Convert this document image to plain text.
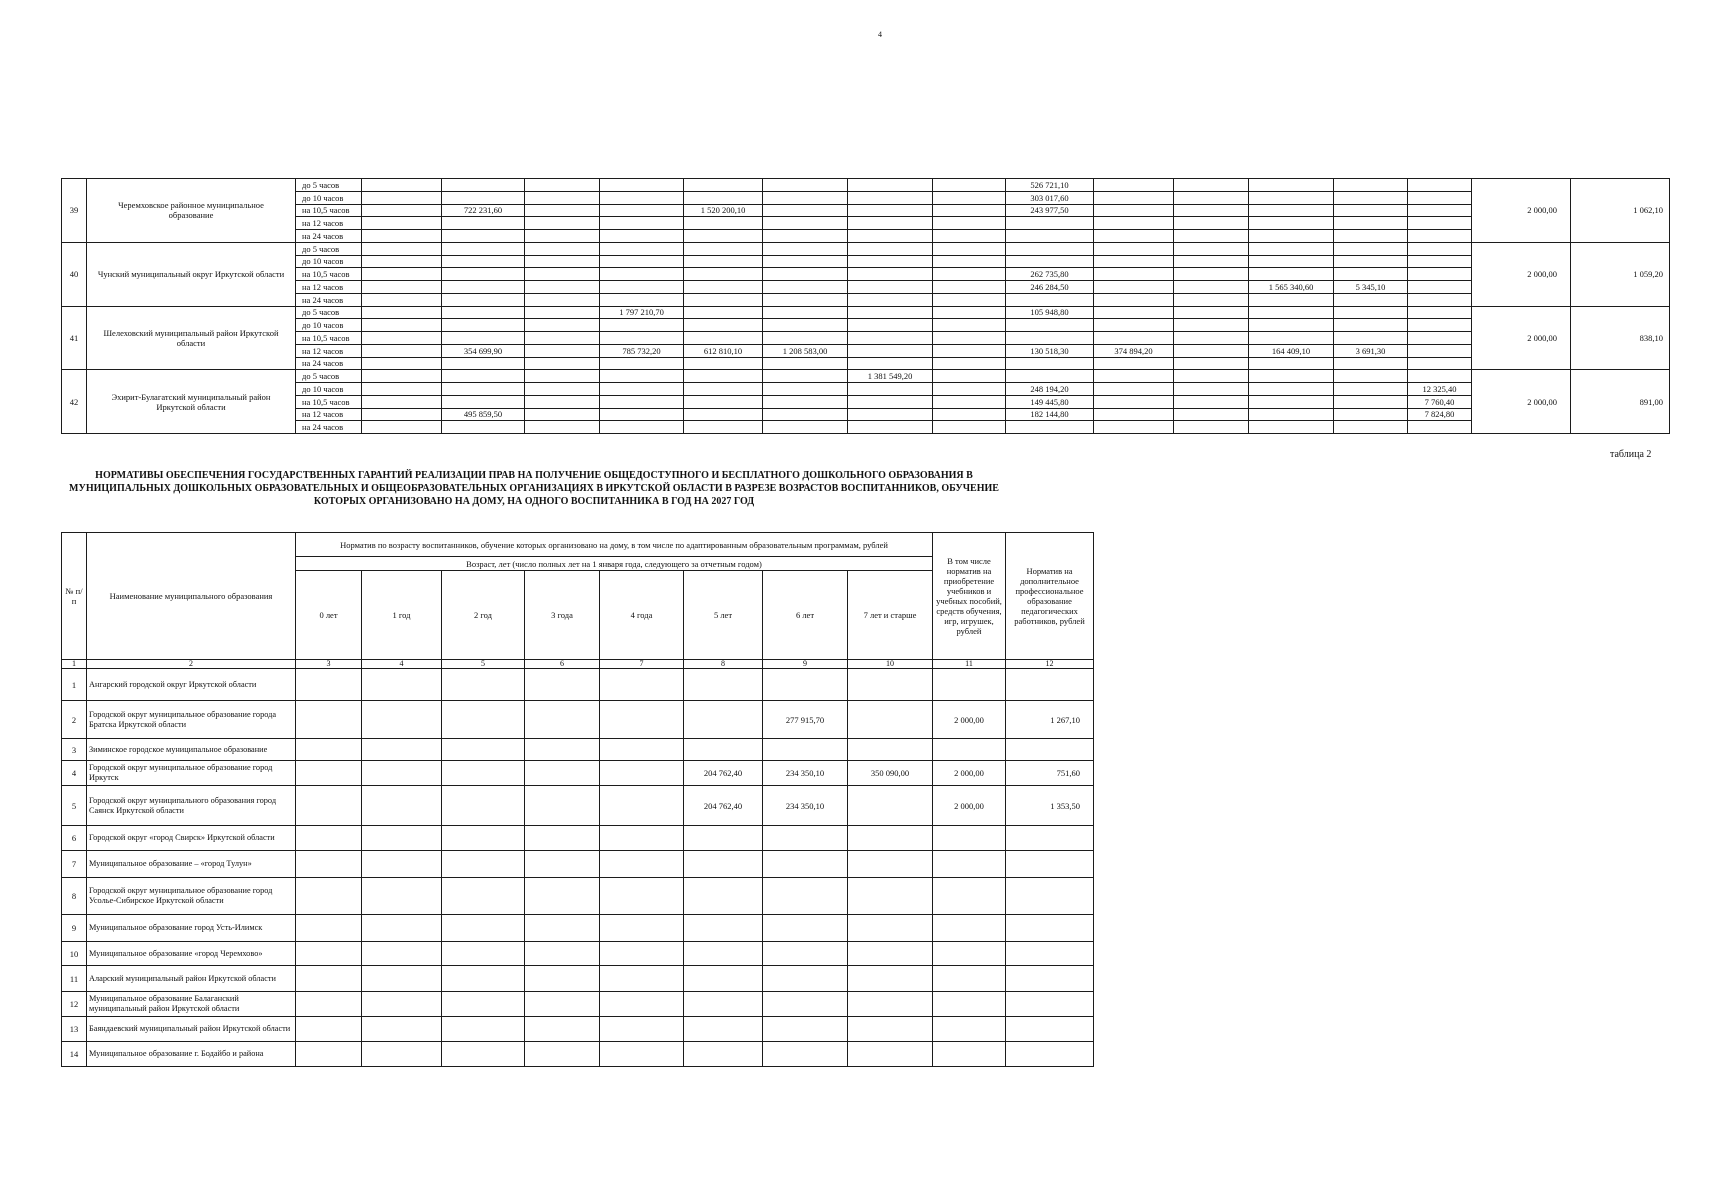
4
39	Черемховское районное муниципальное образование	до 5 часов									526 721,10						2 000,00	1 062,10
		до 10 часов									303 017,60							
		на 10,5 часов		722 231,60			1 520 200,10				243 977,50							
		на 12 часов																
		на 24 часов																
40	Чунский муниципальный округ Иркутской области	до 5 часов															2 000,00	1 059,20
		до 10 часов																
		на 10,5 часов									262 735,80							
		на 12 часов									246 284,50			1 565 340,60	5 345,10			
		на 24 часов																
41	Шелеховский муниципальный район Иркутской области	до 5 часов				1 797 210,70					105 948,80						2 000,00	838,10
		до 10 часов																
		на 10,5 часов																
		на 12 часов		354 699,90		785 732,20	612 810,10	1 208 583,00			130 518,30	374 894,20		164 409,10	3 691,30			
		на 24 часов																
42	Эхирит-Булагатский муниципальный район Иркутской области	до 5 часов							1 381 549,20								2 000,00	891,00
		до 10 часов									248 194,20					12 325,40		
		на 10,5 часов									149 445,80					7 760,40		
		на 12 часов		495 859,50							182 144,80					7 824,80		
		на 24 часов																
таблица 2
НОРМАТИВЫ ОБЕСПЕЧЕНИЯ ГОСУДАРСТВЕННЫХ ГАРАНТИЙ РЕАЛИЗАЦИИ ПРАВ НА ПОЛУЧЕНИЕ ОБЩЕДОСТУПНОГО И БЕСПЛАТНОГО ДОШКОЛЬНОГО ОБРАЗОВАНИЯ В
МУНИЦИПАЛЬНЫХ ДОШКОЛЬНЫХ ОБРАЗОВАТЕЛЬНЫХ И ОБЩЕОБРАЗОВАТЕЛЬНЫХ ОРГАНИЗАЦИЯХ В ИРКУТСКОЙ ОБЛАСТИ В РАЗРЕЗЕ ВОЗРАСТОВ ВОСПИТАННИКОВ, ОБУЧЕНИЕ
КОТОРЫХ ОРГАНИЗОВАНО НА ДОМУ, НА ОДНОГО ВОСПИТАННИКА В ГОД НА 2027 ГОД
№ п/п	Наименование муниципального образования	Норматив по возрасту воспитанников, обучение которых организовано на дому, в том числе по адаптированным образовательным программам, рублей								В том числе норматив на приобретение учебников и учебных пособий, средств обучения, игр, игрушек, рублей	Норматив на дополнительное профессиональное образование педагогических работников, рублей
		Возраст, лет (число полных лет на 1 января года, следующего за отчетным годом)									
		0 лет	1 год	2 год	3 года	4 года	5 лет	6 лет	7 лет и старше		
1	2	3	4	5	6	7	8	9	10	11	12
1	Ангарский городской округ Иркутской области										
2	Городской округ муниципальное образование города Братска Иркутской области							277 915,70		2 000,00	1 267,10
3	Зиминское городское муниципальное образование										
4	Городской округ муниципальное образование город Иркутск						204 762,40	234 350,10	350 090,00	2 000,00	751,60
5	Городской округ муниципального образования город Саянск Иркутской области						204 762,40	234 350,10		2 000,00	1 353,50
6	Городской округ «город Свирск» Иркутской области										
7	Муниципальное образование – «город Тулун»										
8	Городской округ муниципальное образование город Усолье-Сибирское Иркутской области										
9	Муниципальное образование город Усть-Илимск										
10	Муниципальное образование «город Черемхово»										
11	Аларский муниципальный район Иркутской области										
12	Муниципальное образование Балаганский муниципальный район Иркутской области										
13	Баяндаевский муниципальный район Иркутской области										
14	Муниципальное образование г. Бодайбо и района										
